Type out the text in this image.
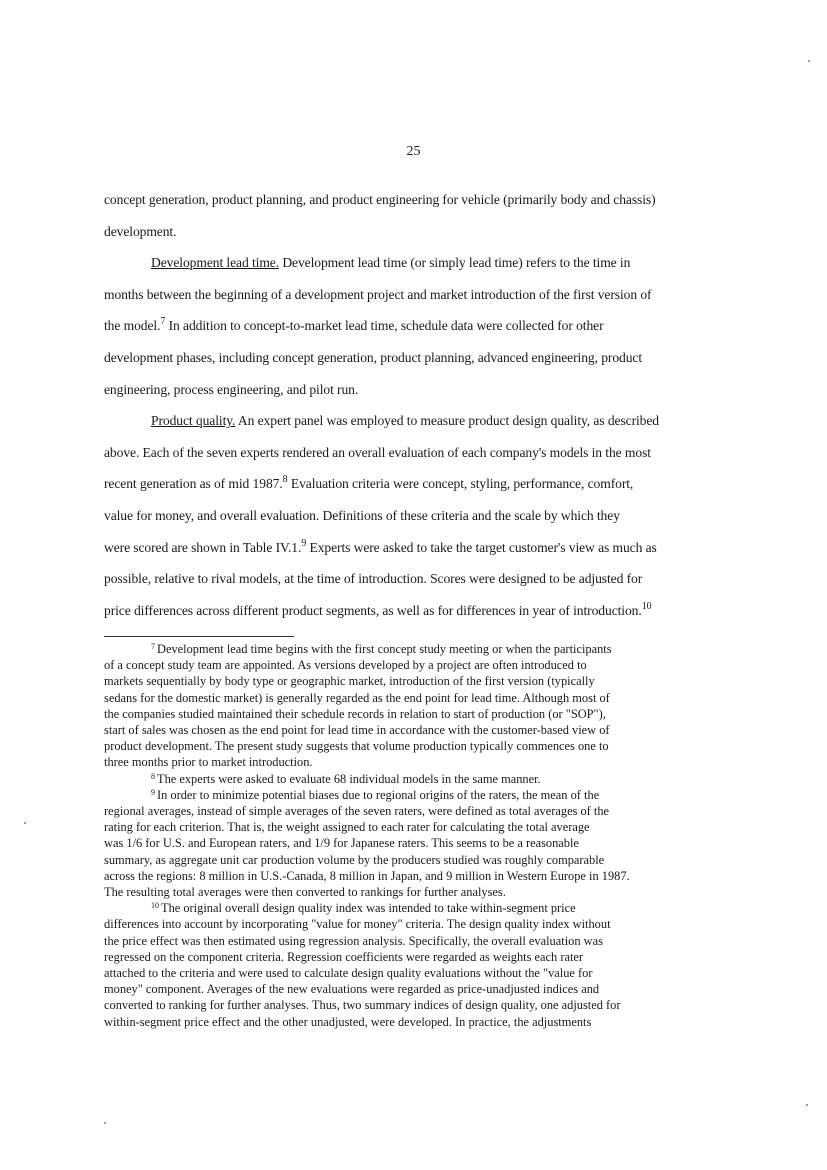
25

concept generation, product planning, and product engineering for vehicle (primarily body and chassis)
development.

Development lead time. Development lead time (or simply lead time) refers to the time in
months between the beginning of a development project and market introduction of the first version of
the model.$^7$ In addition to concept-to-market lead time, schedule data were collected for other
development phases, including concept generation, product planning, advanced engineering, product
engineering, process engineering, and pilot run.

Product quality. An expert panel was employed to measure product design quality, as described
above. Each of the seven experts rendered an overall evaluation of each company's models in the most
recent generation as of mid 1987.$^8$ Evaluation criteria were concept, styling, performance, comfort,
value for money, and overall evaluation. Definitions of these criteria and the scale by which they
were scored are shown in Table IV.1.$^9$ Experts were asked to take the target customer's view as much as
possible, relative to rival models, at the time of introduction. Scores were designed to be adjusted for
price differences across different product segments, as well as for differences in year of introduction.$^{10}$

$^7$ Development lead time begins with the first concept study meeting or when the participants
of a concept study team are appointed. As versions developed by a project are often introduced to
markets sequentially by body type or geographic market, introduction of the first version (typically
sedans for the domestic market) is generally regarded as the end point for lead time. Although most of
the companies studied maintained their schedule records in relation to start of production (or "SOP"),
start of sales was chosen as the end point for lead time in accordance with the customer-based view of
product development. The present study suggests that volume production typically commences one to
three months prior to market introduction.
$^8$ The experts were asked to evaluate 68 individual models in the same manner.
$^9$ In order to minimize potential biases due to regional origins of the raters, the mean of the
regional averages, instead of simple averages of the seven raters, were defined as total averages of the
rating for each criterion. That is, the weight assigned to each rater for calculating the total average
was 1/6 for U.S. and European raters, and 1/9 for Japanese raters. This seems to be a reasonable
summary, as aggregate unit car production volume by the producers studied was roughly comparable
across the regions: 8 million in U.S.-Canada, 8 million in Japan, and 9 million in Western Europe in 1987.
The resulting total averages were then converted to rankings for further analyses.
$^{10}$ The original overall design quality index was intended to take within-segment price
differences into account by incorporating "value for money" criteria. The design quality index without
the price effect was then estimated using regression analysis. Specifically, the overall evaluation was
regressed on the component criteria. Regression coefficients were regarded as weights each rater
attached to the criteria and were used to calculate design quality evaluations without the "value for
money" component. Averages of the new evaluations were regarded as price-unadjusted indices and
converted to ranking for further analyses. Thus, two summary indices of design quality, one adjusted for
within-segment price effect and the other unadjusted, were developed. In practice, the adjustments
